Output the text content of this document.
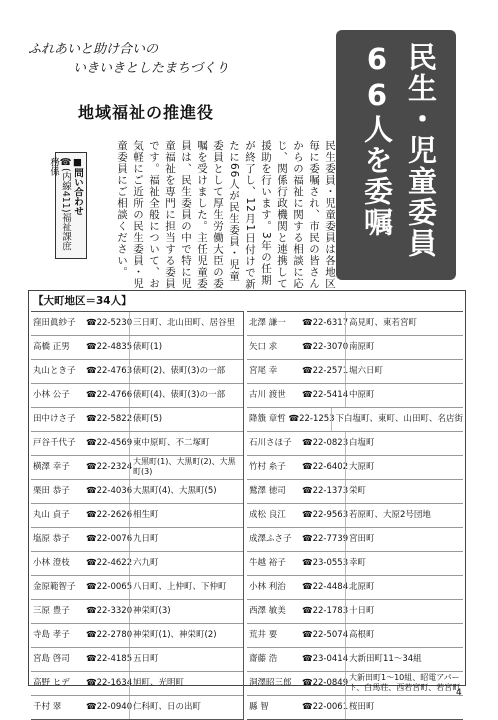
ふれあいと助け合いの
いきいきとしたまちづくり
地域福祉の推進役	民生・児童委員
66人を委嘱
民生委員・児童委員は各地区毎に委嘱され、市民の皆さんからの福祉に関する相談に応じ、関係行政機関と連携して援助を行います。3年の任期が終了し、12月1日付けで新たに66人が民生委員・児童委員として厚生労働大臣の委嘱を受けました。主任児童委員は、民生委員の中で特に児童福祉を専門に担当する委員です。福祉全般について、お気軽にご近所の民生委員・児童委員にご相談ください。
■問い合わせ
☎(内線411)福祉課庶務係
【大町地区＝34人】
窪田眞紗子	☎22-5230 三日町、北山田町、居谷里
高橋 正男	☎22-4835 俵町(1)
丸山とき子	☎22-4763 俵町(2)、俵町(3)の一部
小林 公子	☎22-4766 俵町(4)、俵町(3)の一部
田中けさ子	☎22-5822 俵町(5)
戸谷千代子	☎22-4569 東中原町、不二塚町
横澤 幸子	☎22-2324
大黒町(1)、大黒町(2)、大黒町(3)
栗田 恭子	☎22-4036 大黒町(4)、大黒町(5)
丸山 貞子	☎22-2626 相生町
塩原 恭子	☎22-0076 九日町
小林 澄枝	☎22-4622 六九町
金原範智子	☎22-0065 八日町、上仲町、下仲町
三原 豊子	☎22-3320 神栄町(3)
寺島 孝子	☎22-2780 神栄町(1)、神栄町(2)
宮島 啓司	☎22-4185 五日町
高野 ヒデ	☎22-1634 旭町、光明町
千村 翠	☎22-0940 仁科町、日の出町
北澤 謙一	☎22-6317 高見町、東若宮町
矢口 求	☎22-3070 南原町
宮尾 幸	☎22-2571 堀六日町
古川 渡世	☎22-5414 中原町
降籏 章哲 ☎22-1253 下白塩町、東町、山田町、名店街
石川さほ子	☎22-0823 白塩町
竹村 糸子	☎22-6402 大原町
鷲澤 徳司	☎22-1373 栄町
成松 良江	☎22-9563 若原町、大原2号団地
成澤ふさ子	☎22-7739 宮田町
牛越 裕子	☎23-0553 幸町
小林 利治	☎22-4484 北原町
西澤 敏美	☎22-1783 十日町
荒井 要	☎22-5074 高根町
齋藤 浩	☎23-0414 大新田町11〜34組
洞澤昭三郎	☎22-0849
大新田町1〜10組、昭電アパート、白馬荘、西若宮町、若宮町
縣 智	☎22-0061 桜田町
4
